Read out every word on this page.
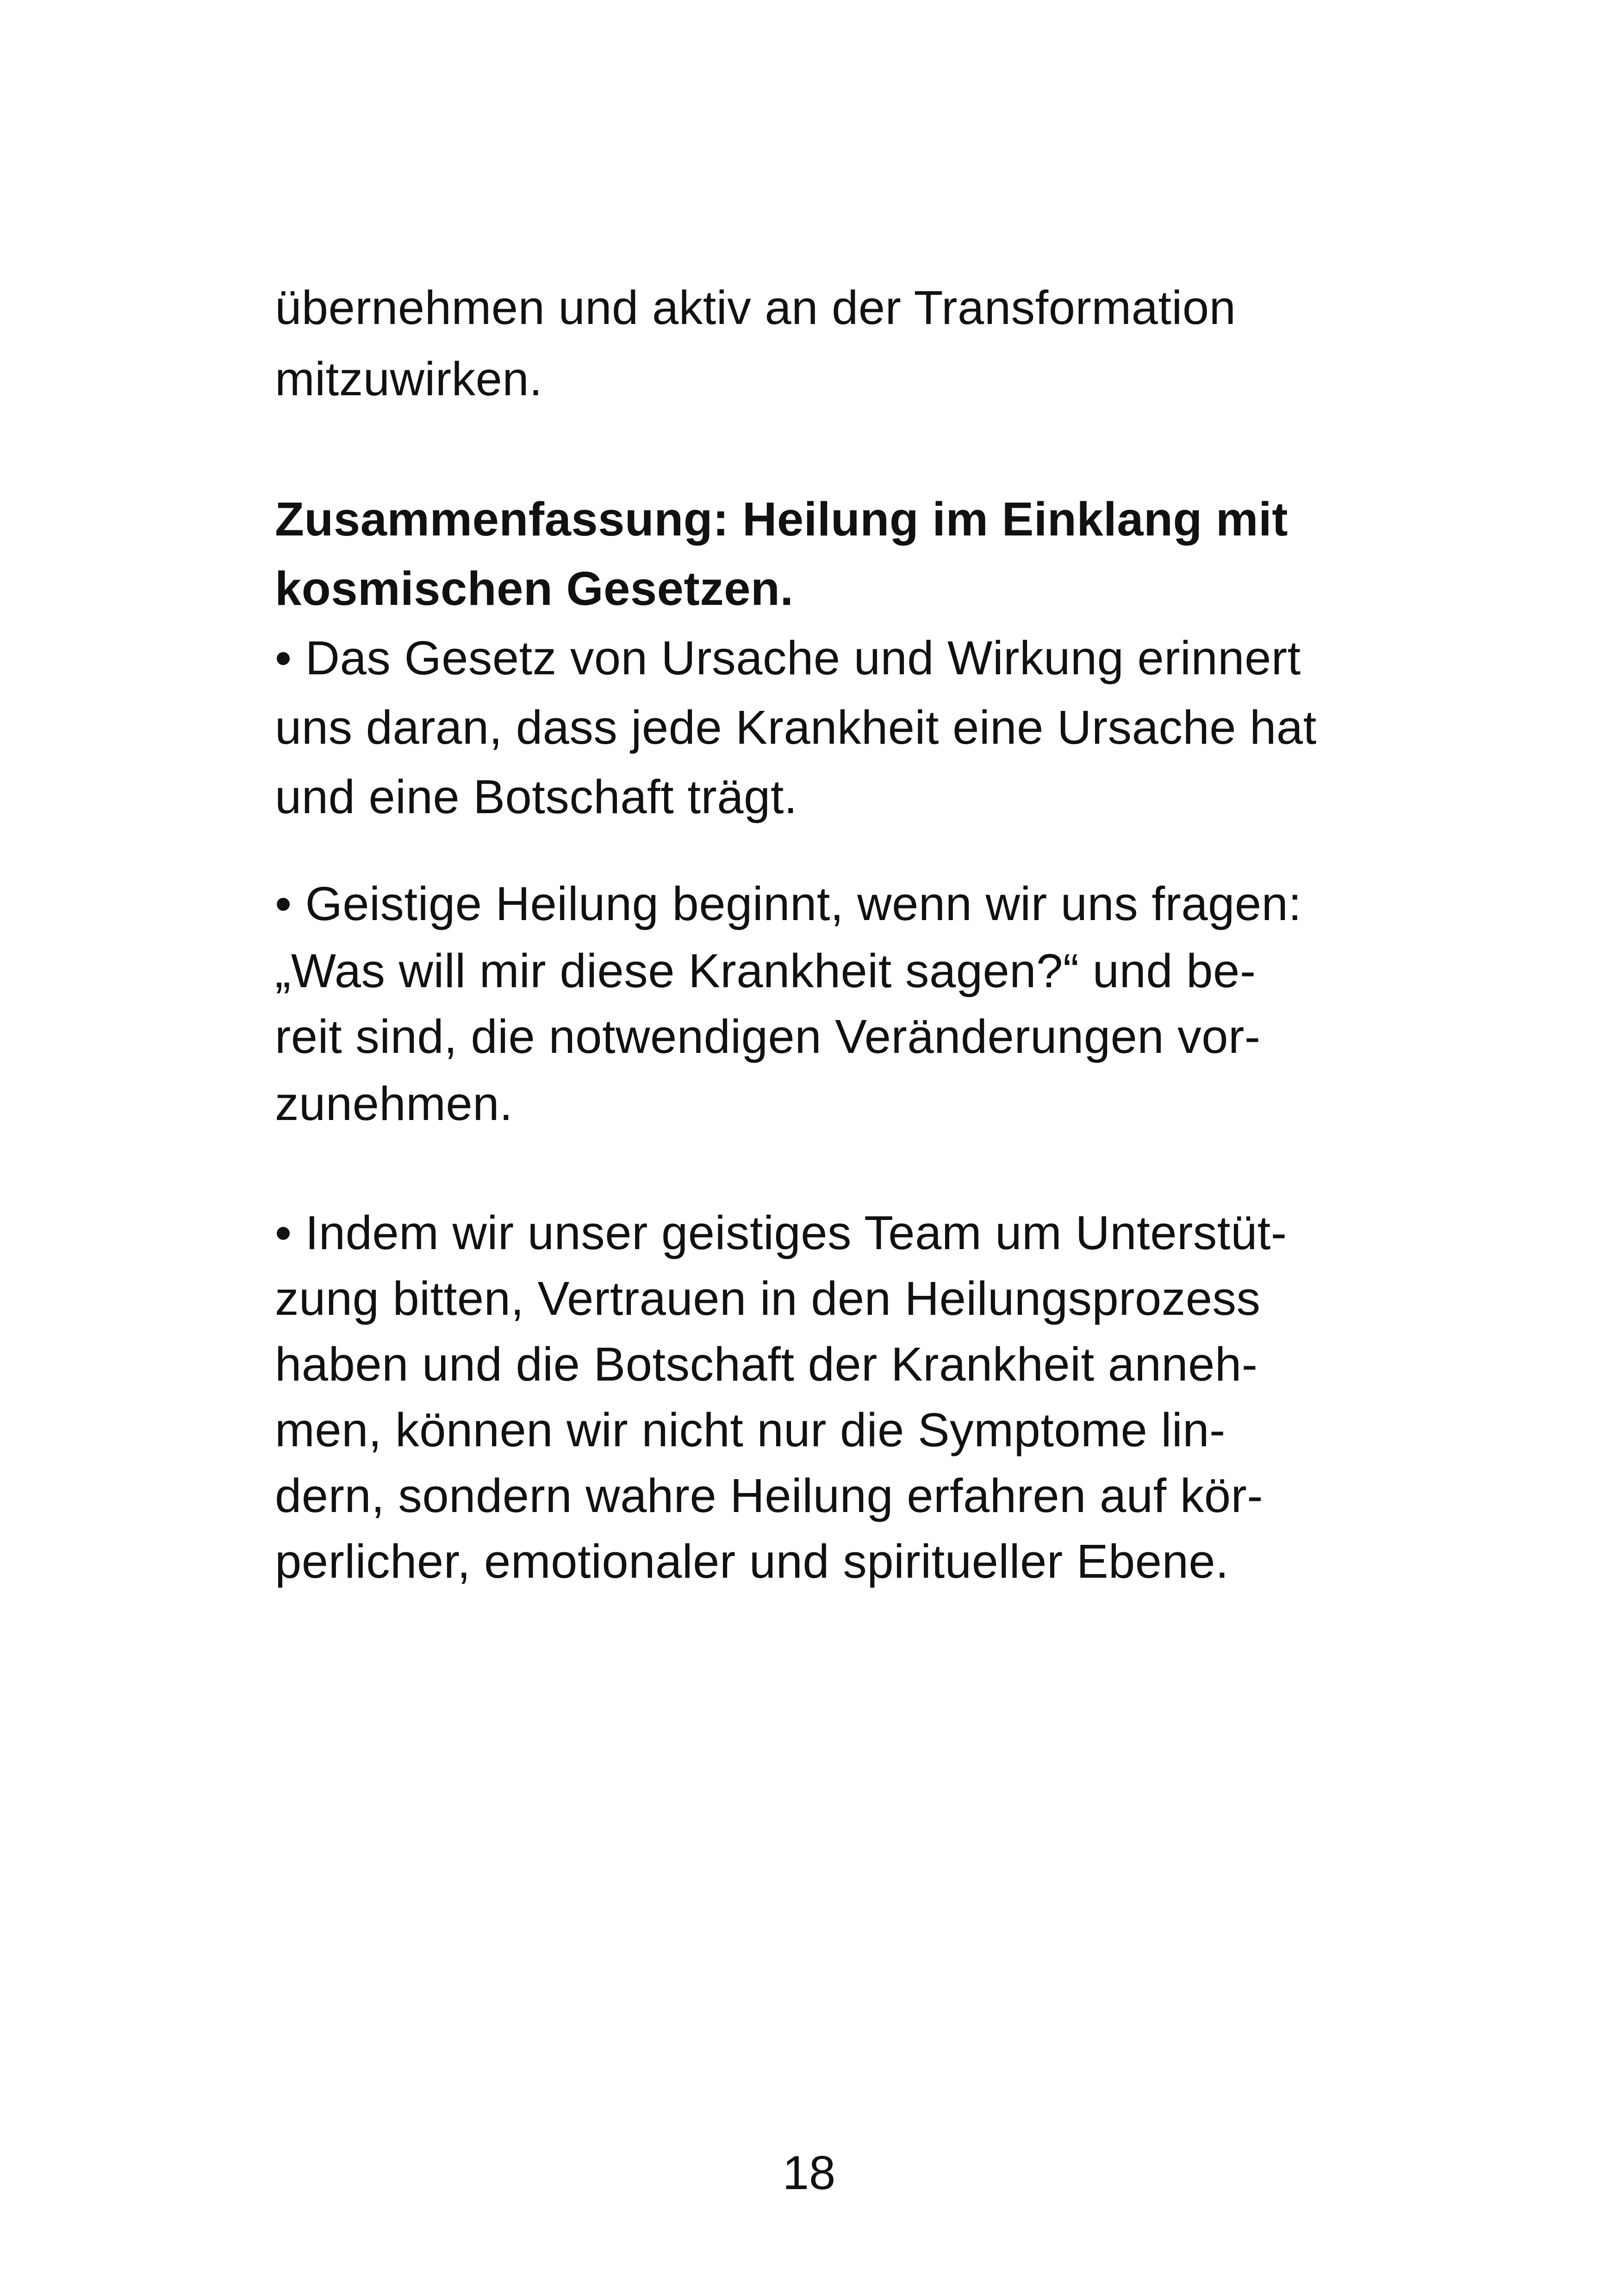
übernehmen und aktiv an der Transformation
mitzuwirken.
Zusammenfassung: Heilung im Einklang mit
kosmischen Gesetzen.
• Das Gesetz von Ursache und Wirkung erinnert
uns daran, dass jede Krankheit eine Ursache hat
und eine Botschaft trägt.
• Geistige Heilung beginnt, wenn wir uns fragen:
„Was will mir diese Krankheit sagen?“ und be-
reit sind, die notwendigen Veränderungen vor-
zunehmen.
• Indem wir unser geistiges Team um Unterstüt-
zung bitten, Vertrauen in den Heilungsprozess
haben und die Botschaft der Krankheit anneh-
men, können wir nicht nur die Symptome lin-
dern, sondern wahre Heilung erfahren auf kör-
perlicher, emotionaler und spiritueller Ebene.
18
